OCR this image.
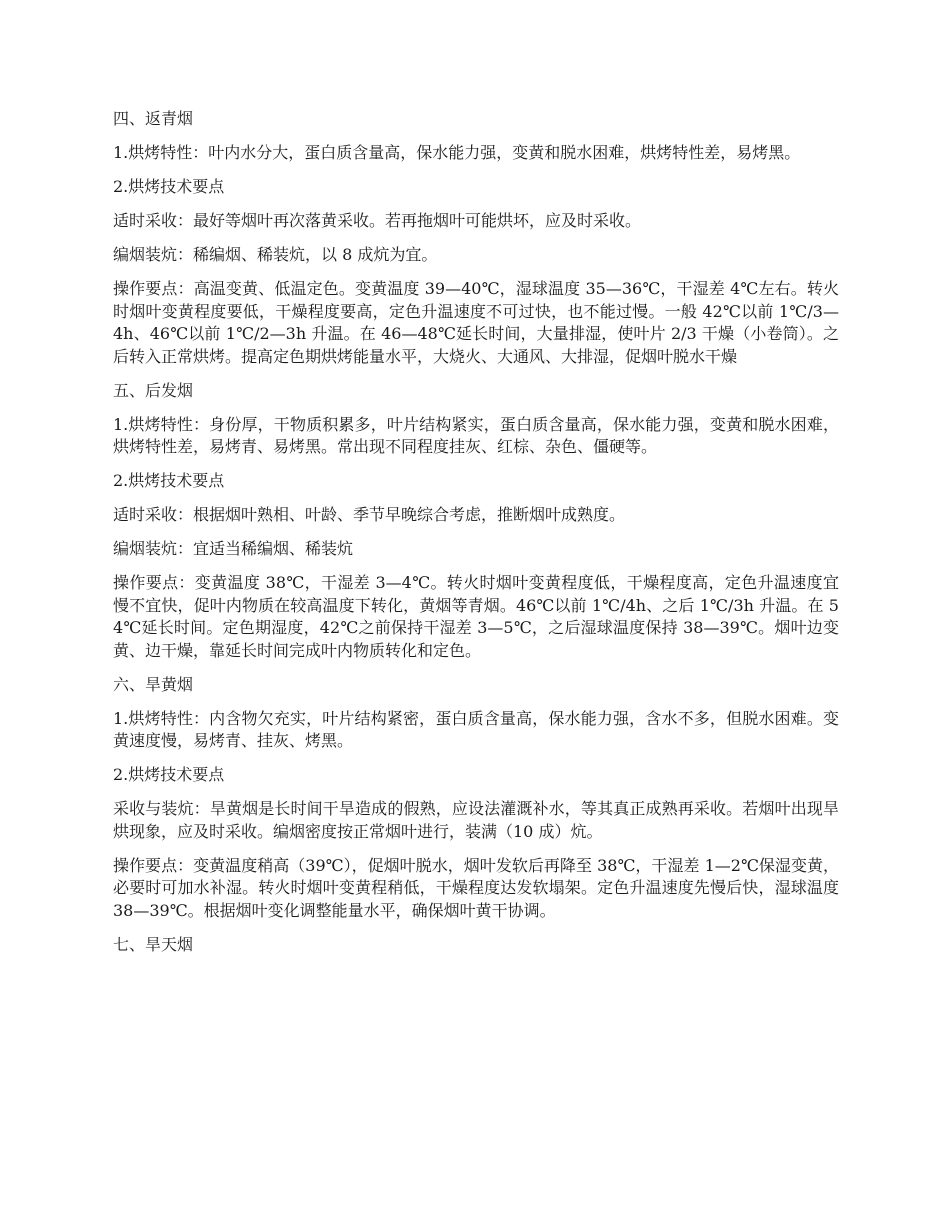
四、返青烟

1.烘烤特性：叶内水分大，蛋白质含量高，保水能力强，变黄和脱水困难，烘烤特性差，易烤黑。

2.烘烤技术要点

适时采收：最好等烟叶再次落黄采收。若再拖烟叶可能烘坏，应及时采收。

编烟装炕：稀编烟、稀装炕，以 8 成炕为宜。

操作要点：高温变黄、低温定色。变黄温度 39—40℃，湿球温度 35—36℃，干湿差 4℃左右。转火时烟叶变黄程度要低，干燥程度要高，定色升温速度不可过快，也不能过慢。一般 42℃以前 1℃/3—4h、46℃以前 1℃/2—3h 升温。在 46—48℃延长时间，大量排湿，使叶片 2/3 干燥（小卷筒）。之后转入正常烘烤。提高定色期烘烤能量水平，大烧火、大通风、大排湿，促烟叶脱水干燥

五、后发烟

1.烘烤特性：身份厚，干物质积累多，叶片结构紧实，蛋白质含量高，保水能力强，变黄和脱水困难，烘烤特性差，易烤青、易烤黑。常出现不同程度挂灰、红棕、杂色、僵硬等。

2.烘烤技术要点

适时采收：根据烟叶熟相、叶龄、季节早晚综合考虑，推断烟叶成熟度。

编烟装炕：宜适当稀编烟、稀装炕

操作要点：变黄温度 38℃，干湿差 3—4℃。转火时烟叶变黄程度低，干燥程度高，定色升温速度宜慢不宜快，促叶内物质在较高温度下转化，黄烟等青烟。46℃以前 1℃/4h、之后 1℃/3h 升温。在 54℃延长时间。定色期湿度，42℃之前保持干湿差 3—5℃，之后湿球温度保持 38—39℃。烟叶边变黄、边干燥，靠延长时间完成叶内物质转化和定色。

六、旱黄烟

1.烘烤特性：内含物欠充实，叶片结构紧密，蛋白质含量高，保水能力强，含水不多，但脱水困难。变黄速度慢，易烤青、挂灰、烤黑。

2.烘烤技术要点

采收与装炕：旱黄烟是长时间干旱造成的假熟，应设法灌溉补水，等其真正成熟再采收。若烟叶出现旱烘现象，应及时采收。编烟密度按正常烟叶进行，装满（10 成）炕。

操作要点：变黄温度稍高（39℃），促烟叶脱水，烟叶发软后再降至 38℃，干湿差 1—2℃保湿变黄，必要时可加水补湿。转火时烟叶变黄程稍低，干燥程度达发软塌架。定色升温速度先慢后快，湿球温度 38—39℃。根据烟叶变化调整能量水平，确保烟叶黄干协调。

七、旱天烟
